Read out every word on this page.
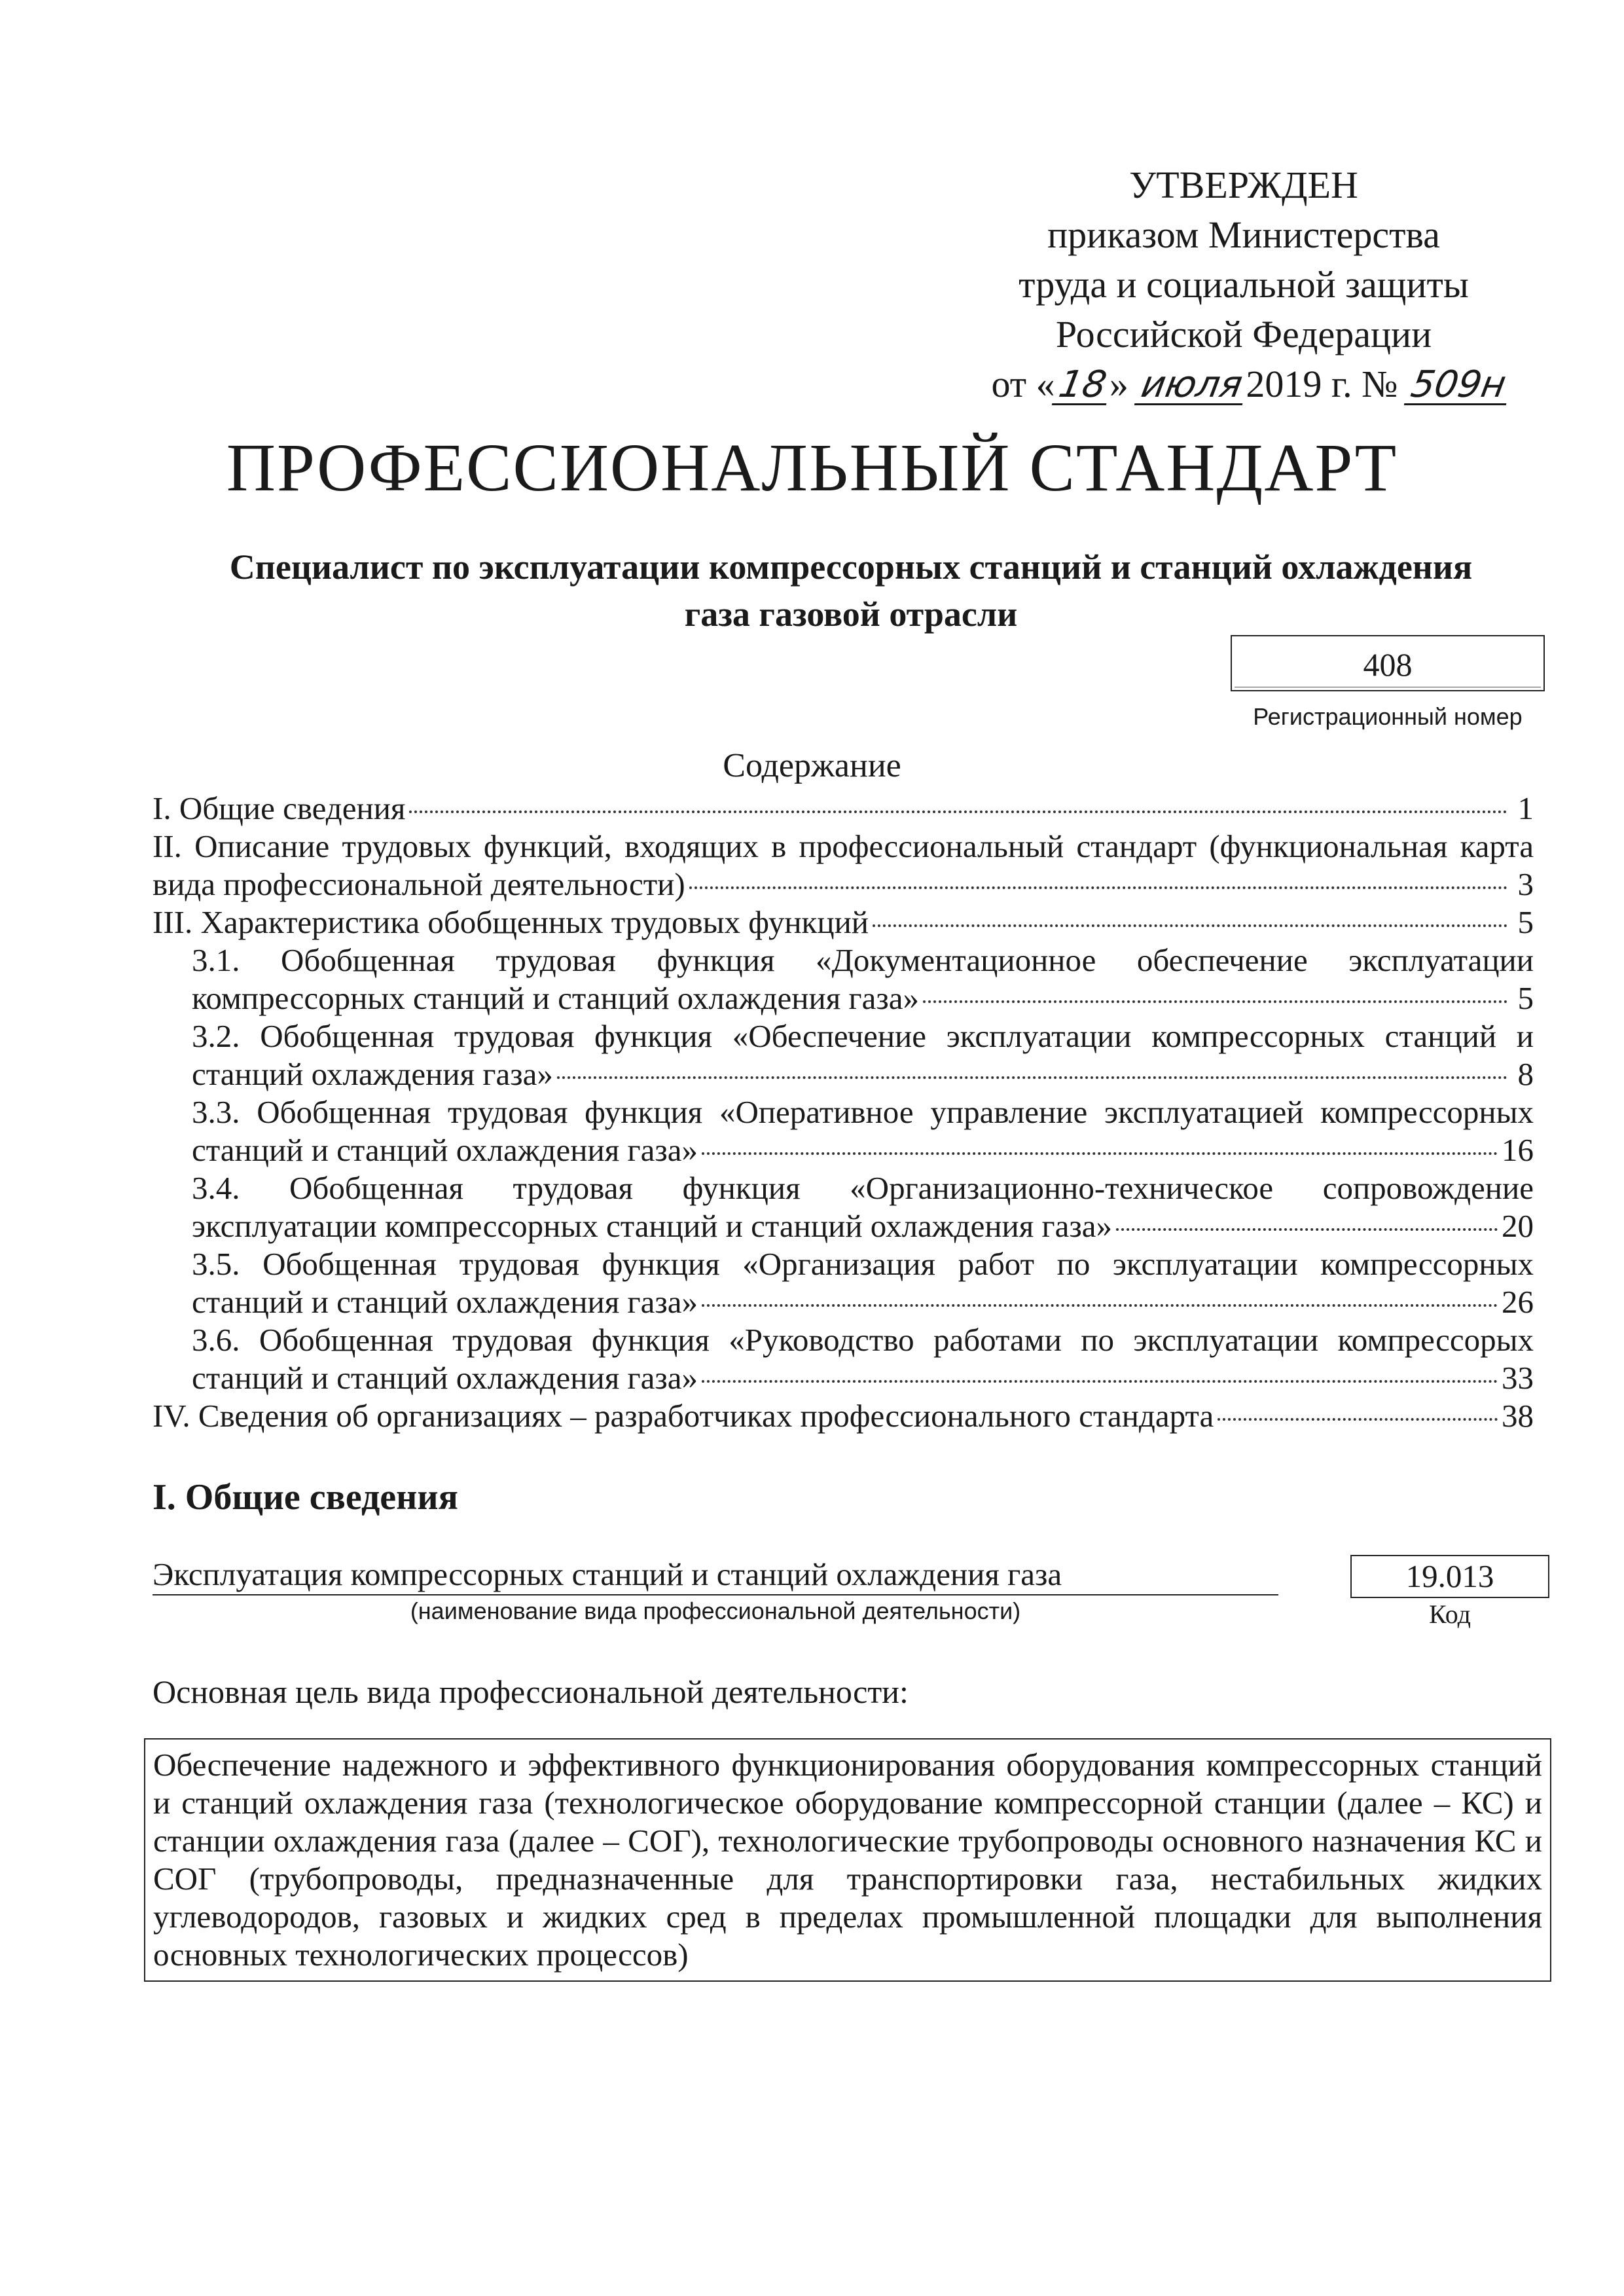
УТВЕРЖДЕН
приказом Министерства
труда и социальной защиты
Российской Федерации
от «18» июля2019 г. № 509н
ПРОФЕССИОНАЛЬНЫЙ СТАНДАРТ
Специалист по эксплуатации компрессорных станций и станций охлаждения
газа газовой отрасли
408
Регистрационный номер
Содержание
I. Общие сведения	1
II. Описание трудовых функций, входящих в профессиональный стандарт (функциональная карта
вида профессиональной деятельности)	3
III. Характеристика обобщенных трудовых функций	5
3.1. Обобщенная трудовая функция «Документационное обеспечение эксплуатации
компрессорных станций и станций охлаждения газа»	5
3.2. Обобщенная трудовая функция «Обеспечение эксплуатации компрессорных станций и
станций охлаждения газа»	8
3.3. Обобщенная трудовая функция «Оперативное управление эксплуатацией компрессорных
станций и станций охлаждения газа»	16
3.4. Обобщенная трудовая функция «Организационно-техническое сопровождение
эксплуатации компрессорных станций и станций охлаждения газа»	20
3.5. Обобщенная трудовая функция «Организация работ по эксплуатации компрессорных
станций и станций охлаждения газа»	26
3.6. Обобщенная трудовая функция «Руководство работами по эксплуатации компрессорых
станций и станций охлаждения газа»	33
IV. Сведения об организациях – разработчиках профессионального стандарта	38
I. Общие сведения
Эксплуатация компрессорных станций и станций охлаждения газа
(наименование вида профессиональной деятельности)
19.013
Код
Основная цель вида профессиональной деятельности:
Обеспечение надежного и эффективного функционирования оборудования компрессорных станций и станций охлаждения газа (технологическое оборудование компрессорной станции (далее – КС) и станции охлаждения газа (далее – СОГ), технологические трубопроводы основного назначения КС и СОГ (трубопроводы, предназначенные для транспортировки газа, нестабильных жидких углеводородов, газовых и жидких сред в пределах промышленной площадки для выполнения основных технологических процессов)
